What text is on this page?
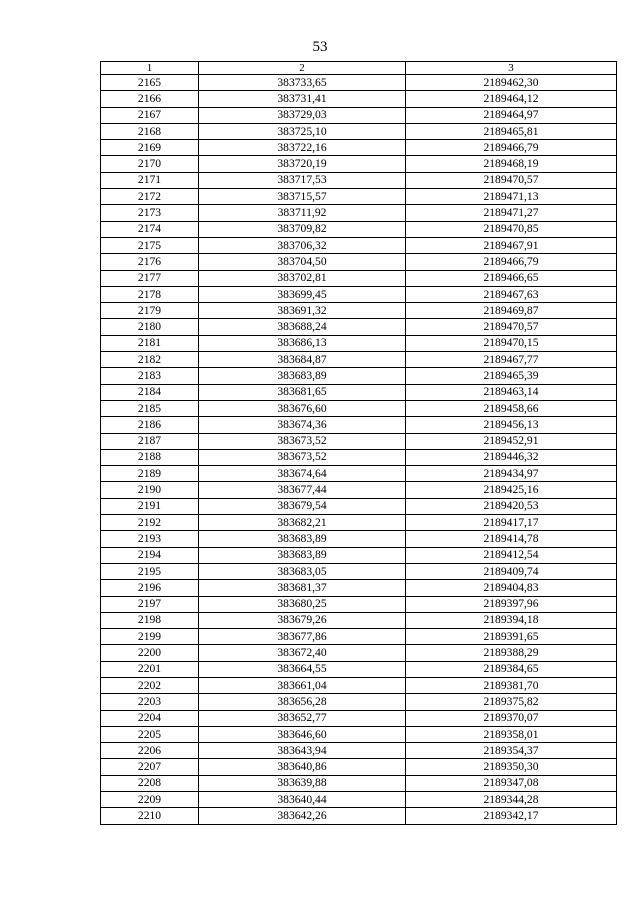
53
1	2	3
2165	383733,65	2189462,30
2166	383731,41	2189464,12
2167	383729,03	2189464,97
2168	383725,10	2189465,81
2169	383722,16	2189466,79
2170	383720,19	2189468,19
2171	383717,53	2189470,57
2172	383715,57	2189471,13
2173	383711,92	2189471,27
2174	383709,82	2189470,85
2175	383706,32	2189467,91
2176	383704,50	2189466,79
2177	383702,81	2189466,65
2178	383699,45	2189467,63
2179	383691,32	2189469,87
2180	383688,24	2189470,57
2181	383686,13	2189470,15
2182	383684,87	2189467,77
2183	383683,89	2189465,39
2184	383681,65	2189463,14
2185	383676,60	2189458,66
2186	383674,36	2189456,13
2187	383673,52	2189452,91
2188	383673,52	2189446,32
2189	383674,64	2189434,97
2190	383677,44	2189425,16
2191	383679,54	2189420,53
2192	383682,21	2189417,17
2193	383683,89	2189414,78
2194	383683,89	2189412,54
2195	383683,05	2189409,74
2196	383681,37	2189404,83
2197	383680,25	2189397,96
2198	383679,26	2189394,18
2199	383677,86	2189391,65
2200	383672,40	2189388,29
2201	383664,55	2189384,65
2202	383661,04	2189381,70
2203	383656,28	2189375,82
2204	383652,77	2189370,07
2205	383646,60	2189358,01
2206	383643,94	2189354,37
2207	383640,86	2189350,30
2208	383639,88	2189347,08
2209	383640,44	2189344,28
2210	383642,26	2189342,17
